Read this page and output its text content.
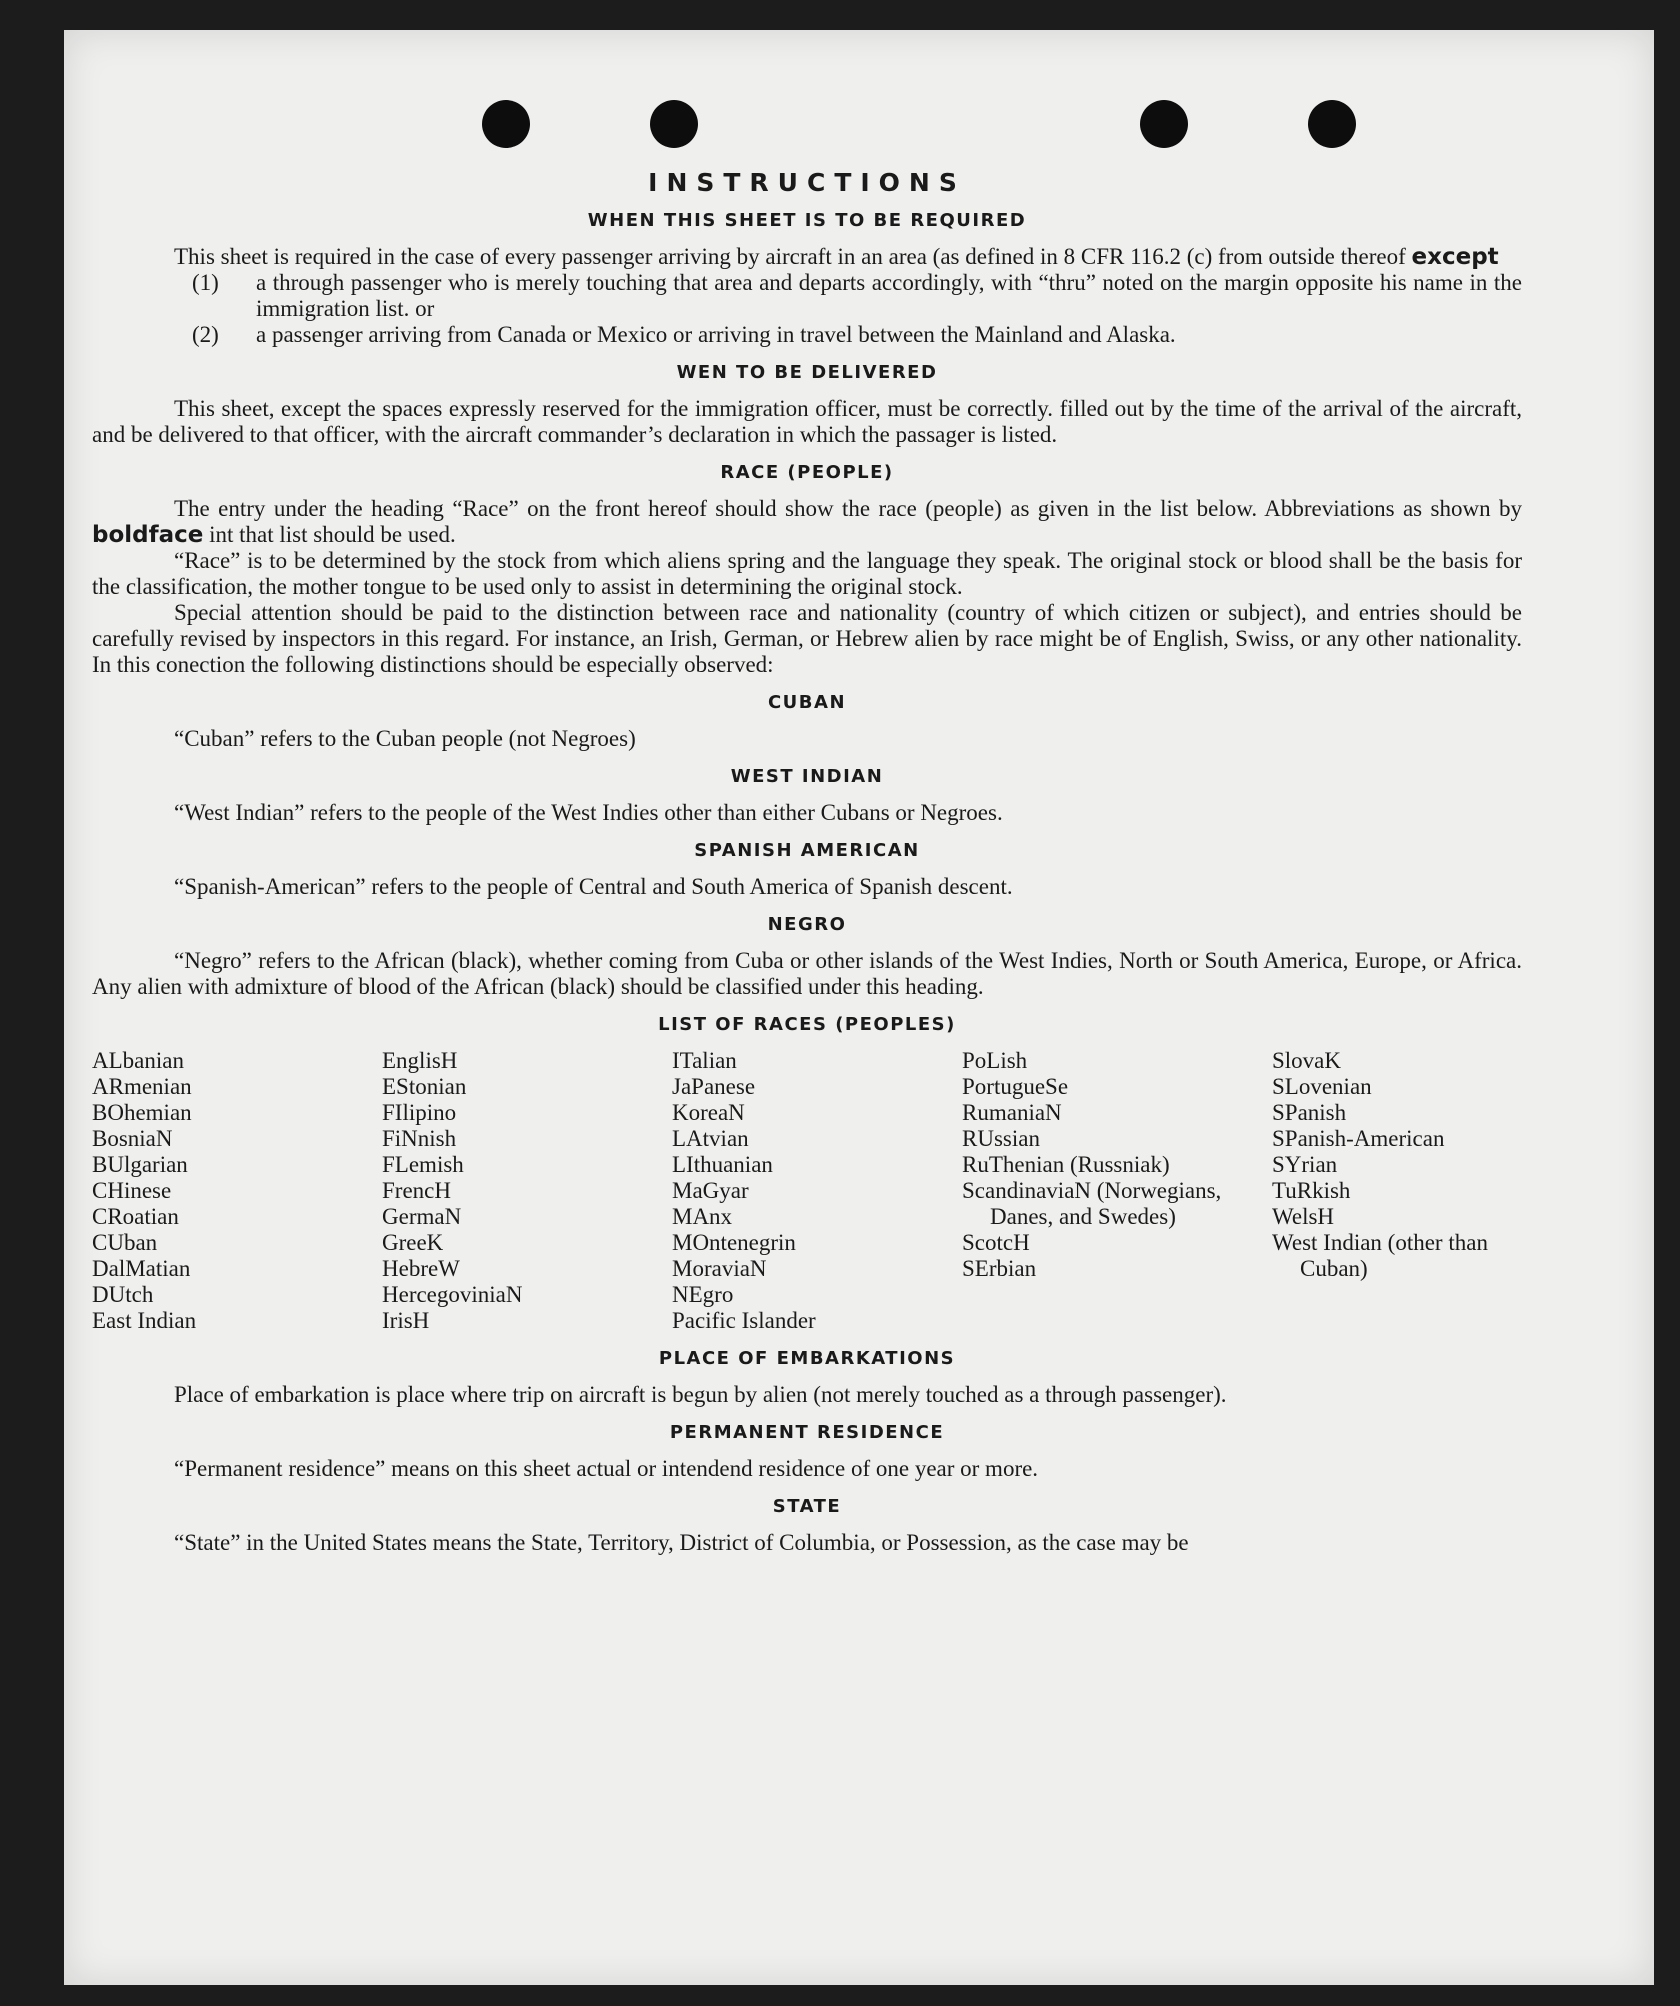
INSTRUCTIONS
WHEN THIS SHEET IS TO BE REQUIRED

This sheet is required in the case of every passenger arriving by aircraft in an area (as defined in 8 CFR 116.2 (c) from outside thereof except

(1)	a through passenger who is merely touching that area and departs accordingly, with “thru” noted on the margin opposite his name in the immigration list. or
(2)	a passenger arriving from Canada or Mexico or arriving in travel between the Mainland and Alaska.
WEN TO BE DELIVERED

This sheet, except the spaces expressly reserved for the immigration officer, must be correctly. filled out by the time of the arrival of the aircraft, and be delivered to that officer, with the aircraft commander’s declaration in which the passager is listed.

RACE (PEOPLE)

The entry under the heading “Race” on the front hereof should show the race (people) as given in the list below. Abbreviations as shown by boldface int that list should be used.

“Race” is to be determined by the stock from which aliens spring and the language they speak. The original stock or blood shall be the basis for the classification, the mother tongue to be used only to assist in determining the original stock.

Special attention should be paid to the distinction between race and nationality (country of which citizen or subject), and entries should be carefully revised by inspectors in this regard. For instance, an Irish, German, or Hebrew alien by race might be of English, Swiss, or any other nationality. In this conection the following distinctions should be especially observed:

CUBAN

“Cuban” refers to the Cuban people (not Negroes)

WEST INDIAN

“West Indian” refers to the people of the West Indies other than either Cubans or Negroes.

SPANISH AMERICAN

“Spanish-American” refers to the people of Central and South America of Spanish descent.

NEGRO

“Negro” refers to the African (black), whether coming from Cuba or other islands of the West Indies, North or South America, Europe, or Africa. Any alien with admixture of blood of the African (black) should be classified under this heading.

LIST OF RACES (PEOPLES)
ALbanian
ARmenian
BOhemian
BosniaN
BUlgarian
CHinese
CRoatian
CUban
DalMatian
DUtch
East Indian
EnglisH
EStonian
FIlipino
FiNnish
FLemish
FrencH
GermaN
GreeK
HebreW
HercegoviniaN
IrisH
ITalian
JaPanese
KoreaN
LAtvian
LIthuanian
MaGyar
MAnx
MOntenegrin
MoraviaN
NEgro
Pacific Islander
PoLish
PortugueSe
RumaniaN
RUssian
RuThenian (Russniak)
ScandinaviaN (Norwegians, Danes, and Swedes)
ScotcH
SErbian
SlovaK
SLovenian
SPanish
SPanish-American
SYrian
TuRkish
WelsH
West Indian (other than Cuban)
PLACE OF EMBARKATIONS

Place of embarkation is place where trip on aircraft is begun by alien (not merely touched as a through passenger).

PERMANENT RESIDENCE

“Permanent residence” means on this sheet actual or intendend residence of one year or more.

STATE

“State” in the United States means the State, Territory, District of Columbia, or Possession, as the case may be
